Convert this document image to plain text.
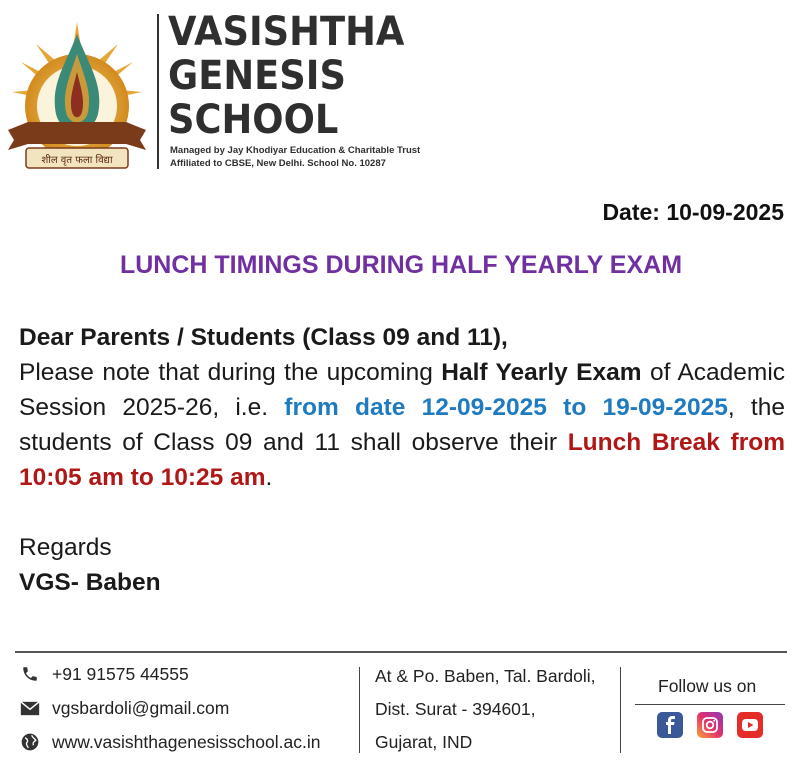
शील वृत फला विद्या
VASISHTHA
GENESIS
SCHOOL
Managed by Jay Khodiyar Education & Charitable Trust
Affiliated to CBSE, New Delhi. School No. 10287
Date: 10-09-2025
LUNCH TIMINGS DURING HALF YEARLY EXAM
Dear Parents / Students (Class 09 and 11),
Please note that during the upcoming Half Yearly Exam of Academic Session 2025-26, i.e. from date 12-09-2025 to 19-09-2025, the students of Class 09 and 11 shall observe their Lunch Break from 10:05 am to 10:25 am.
Regards
VGS- Baben
+91 91575 44555
vgsbardoli@gmail.com
www.vasishthagenesisschool.ac.in
At & Po. Baben, Tal. Bardoli,
Dist. Surat - 394601,
Gujarat, IND
Follow us on
